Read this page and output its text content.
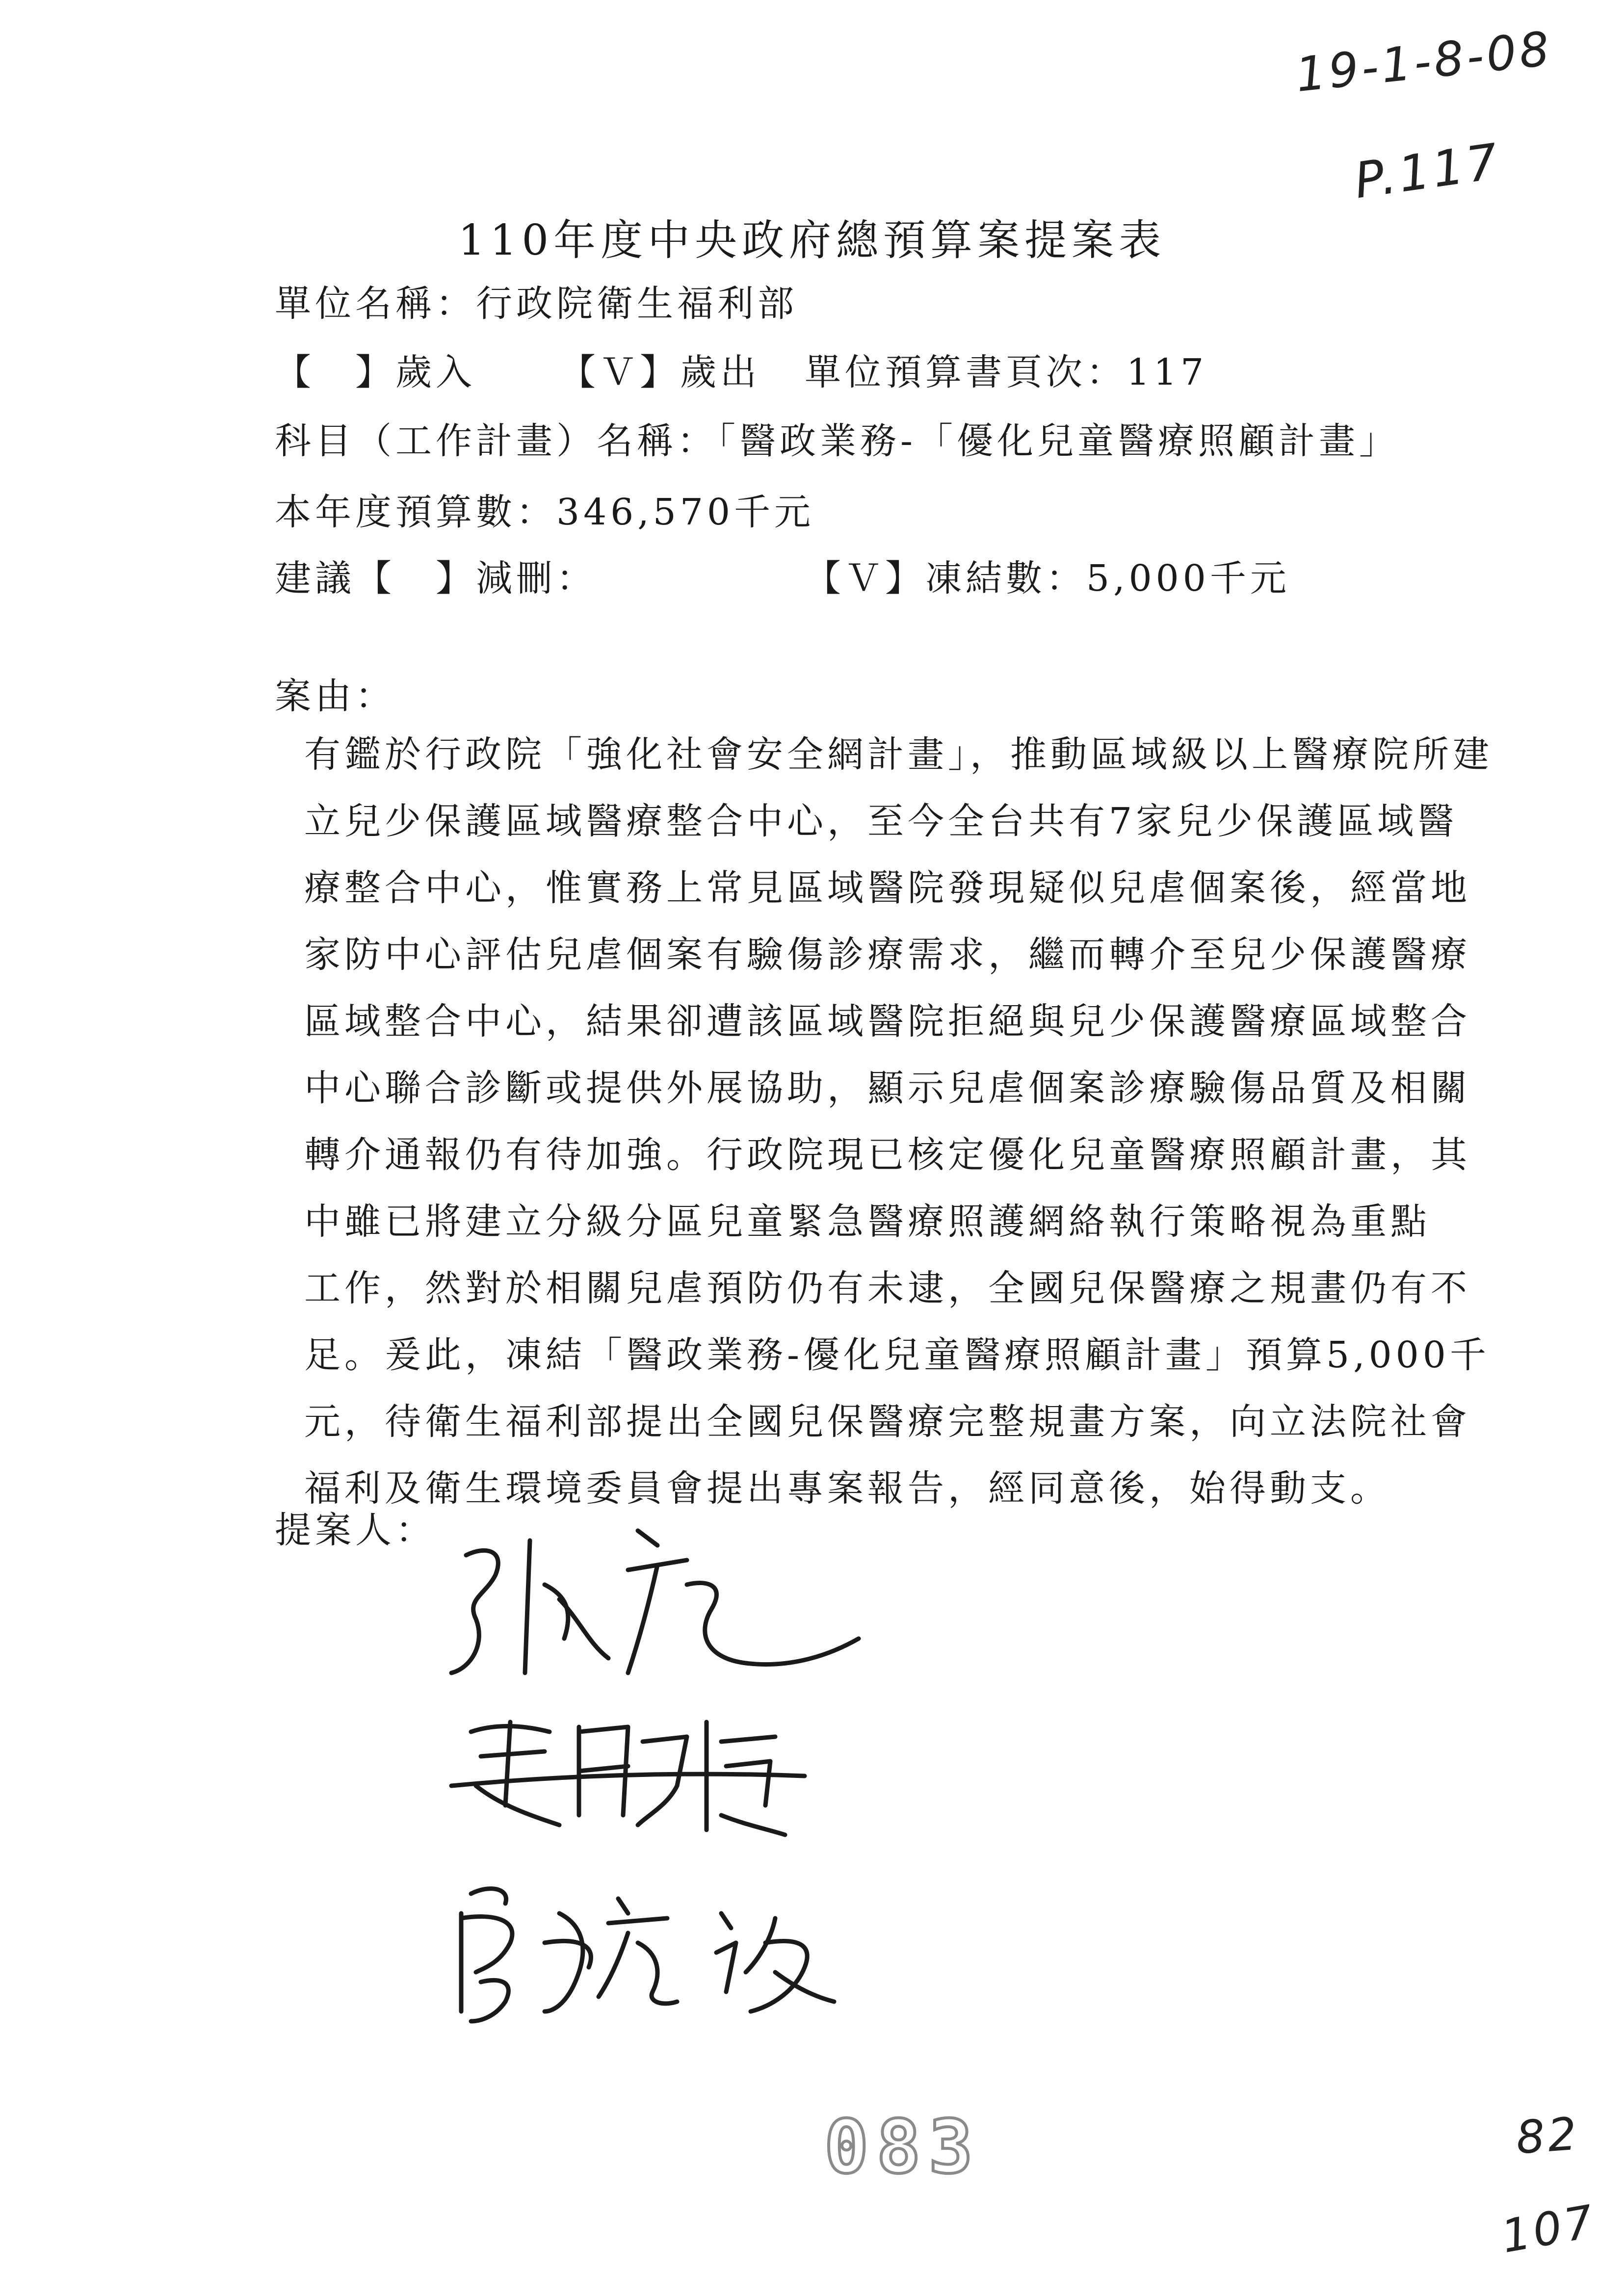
19-1-8-08
P.117
110年度中央政府總預算案提案表
單位名稱：行政院衛生福利部
【　】歲入 【Ｖ】歲出 單位預算書頁次：117
科目（工作計畫）名稱：「醫政業務-「優化兒童醫療照顧計畫」
本年度預算數：346,570千元
建議【　】減刪：	【Ｖ】凍結數：5,000千元
案由：
有鑑於行政院「強化社會安全網計畫」，推動區域級以上醫療院所建
立兒少保護區域醫療整合中心，至今全台共有7家兒少保護區域醫
療整合中心，惟實務上常見區域醫院發現疑似兒虐個案後，經當地
家防中心評估兒虐個案有驗傷診療需求，繼而轉介至兒少保護醫療
區域整合中心，結果卻遭該區域醫院拒絕與兒少保護醫療區域整合
中心聯合診斷或提供外展協助，顯示兒虐個案診療驗傷品質及相關
轉介通報仍有待加強。行政院現已核定優化兒童醫療照顧計畫，其
中雖已將建立分級分區兒童緊急醫療照護網絡執行策略視為重點
工作，然對於相關兒虐預防仍有未逮，全國兒保醫療之規畫仍有不
足。爰此，凍結「醫政業務-優化兒童醫療照顧計畫」預算5,000千
元，待衛生福利部提出全國兒保醫療完整規畫方案，向立法院社會
福利及衛生環境委員會提出專案報告，經同意後，始得動支。
提案人：
083	82
107
